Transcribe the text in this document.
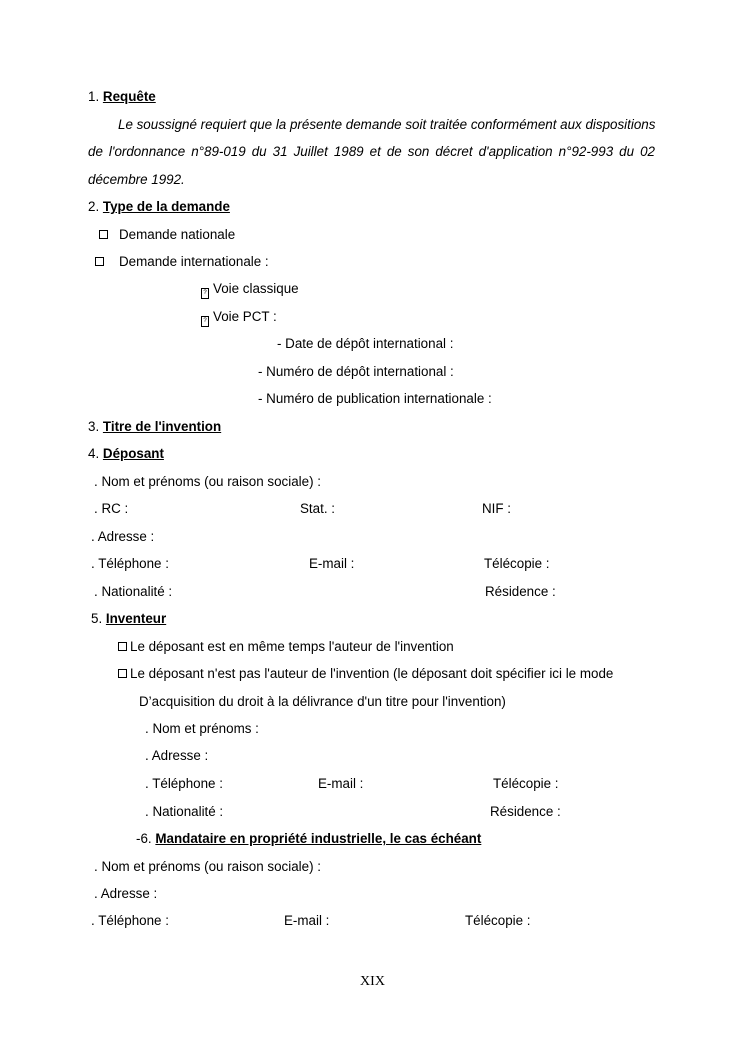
1. Requête
Le soussigné requiert que la présente demande soit traitée conformément aux dispositions
de l'ordonnance n°89-019 du 31 Juillet 1989 et de son décret d'application n°92-993 du 02
décembre 1992.
2. Type de la demande
Demande nationale
Demande internationale :
? Voie classique
? Voie PCT :
- Date de dépôt international :
- Numéro de dépôt international :
- Numéro de publication internationale :
3. Titre de l'invention
4. Déposant
. Nom et prénoms (ou raison sociale) :
. RC :	Stat. :	NIF :
. Adresse :
. Téléphone :	E-mail :	Télécopie :
. Nationalité :	Résidence :
5. Inventeur
Le déposant est en même temps l'auteur de l'invention
Le déposant n'est pas l'auteur de l'invention (le déposant doit spécifier ici le mode
D’acquisition du droit à la délivrance d'un titre pour l'invention)
. Nom et prénoms :
. Adresse :
. Téléphone :	E-mail :	Télécopie :
. Nationalité :	Résidence :
-6. Mandataire en propriété industrielle, le cas échéant
. Nom et prénoms (ou raison sociale) :
. Adresse :
. Téléphone :	E-mail :	Télécopie :
XIX
